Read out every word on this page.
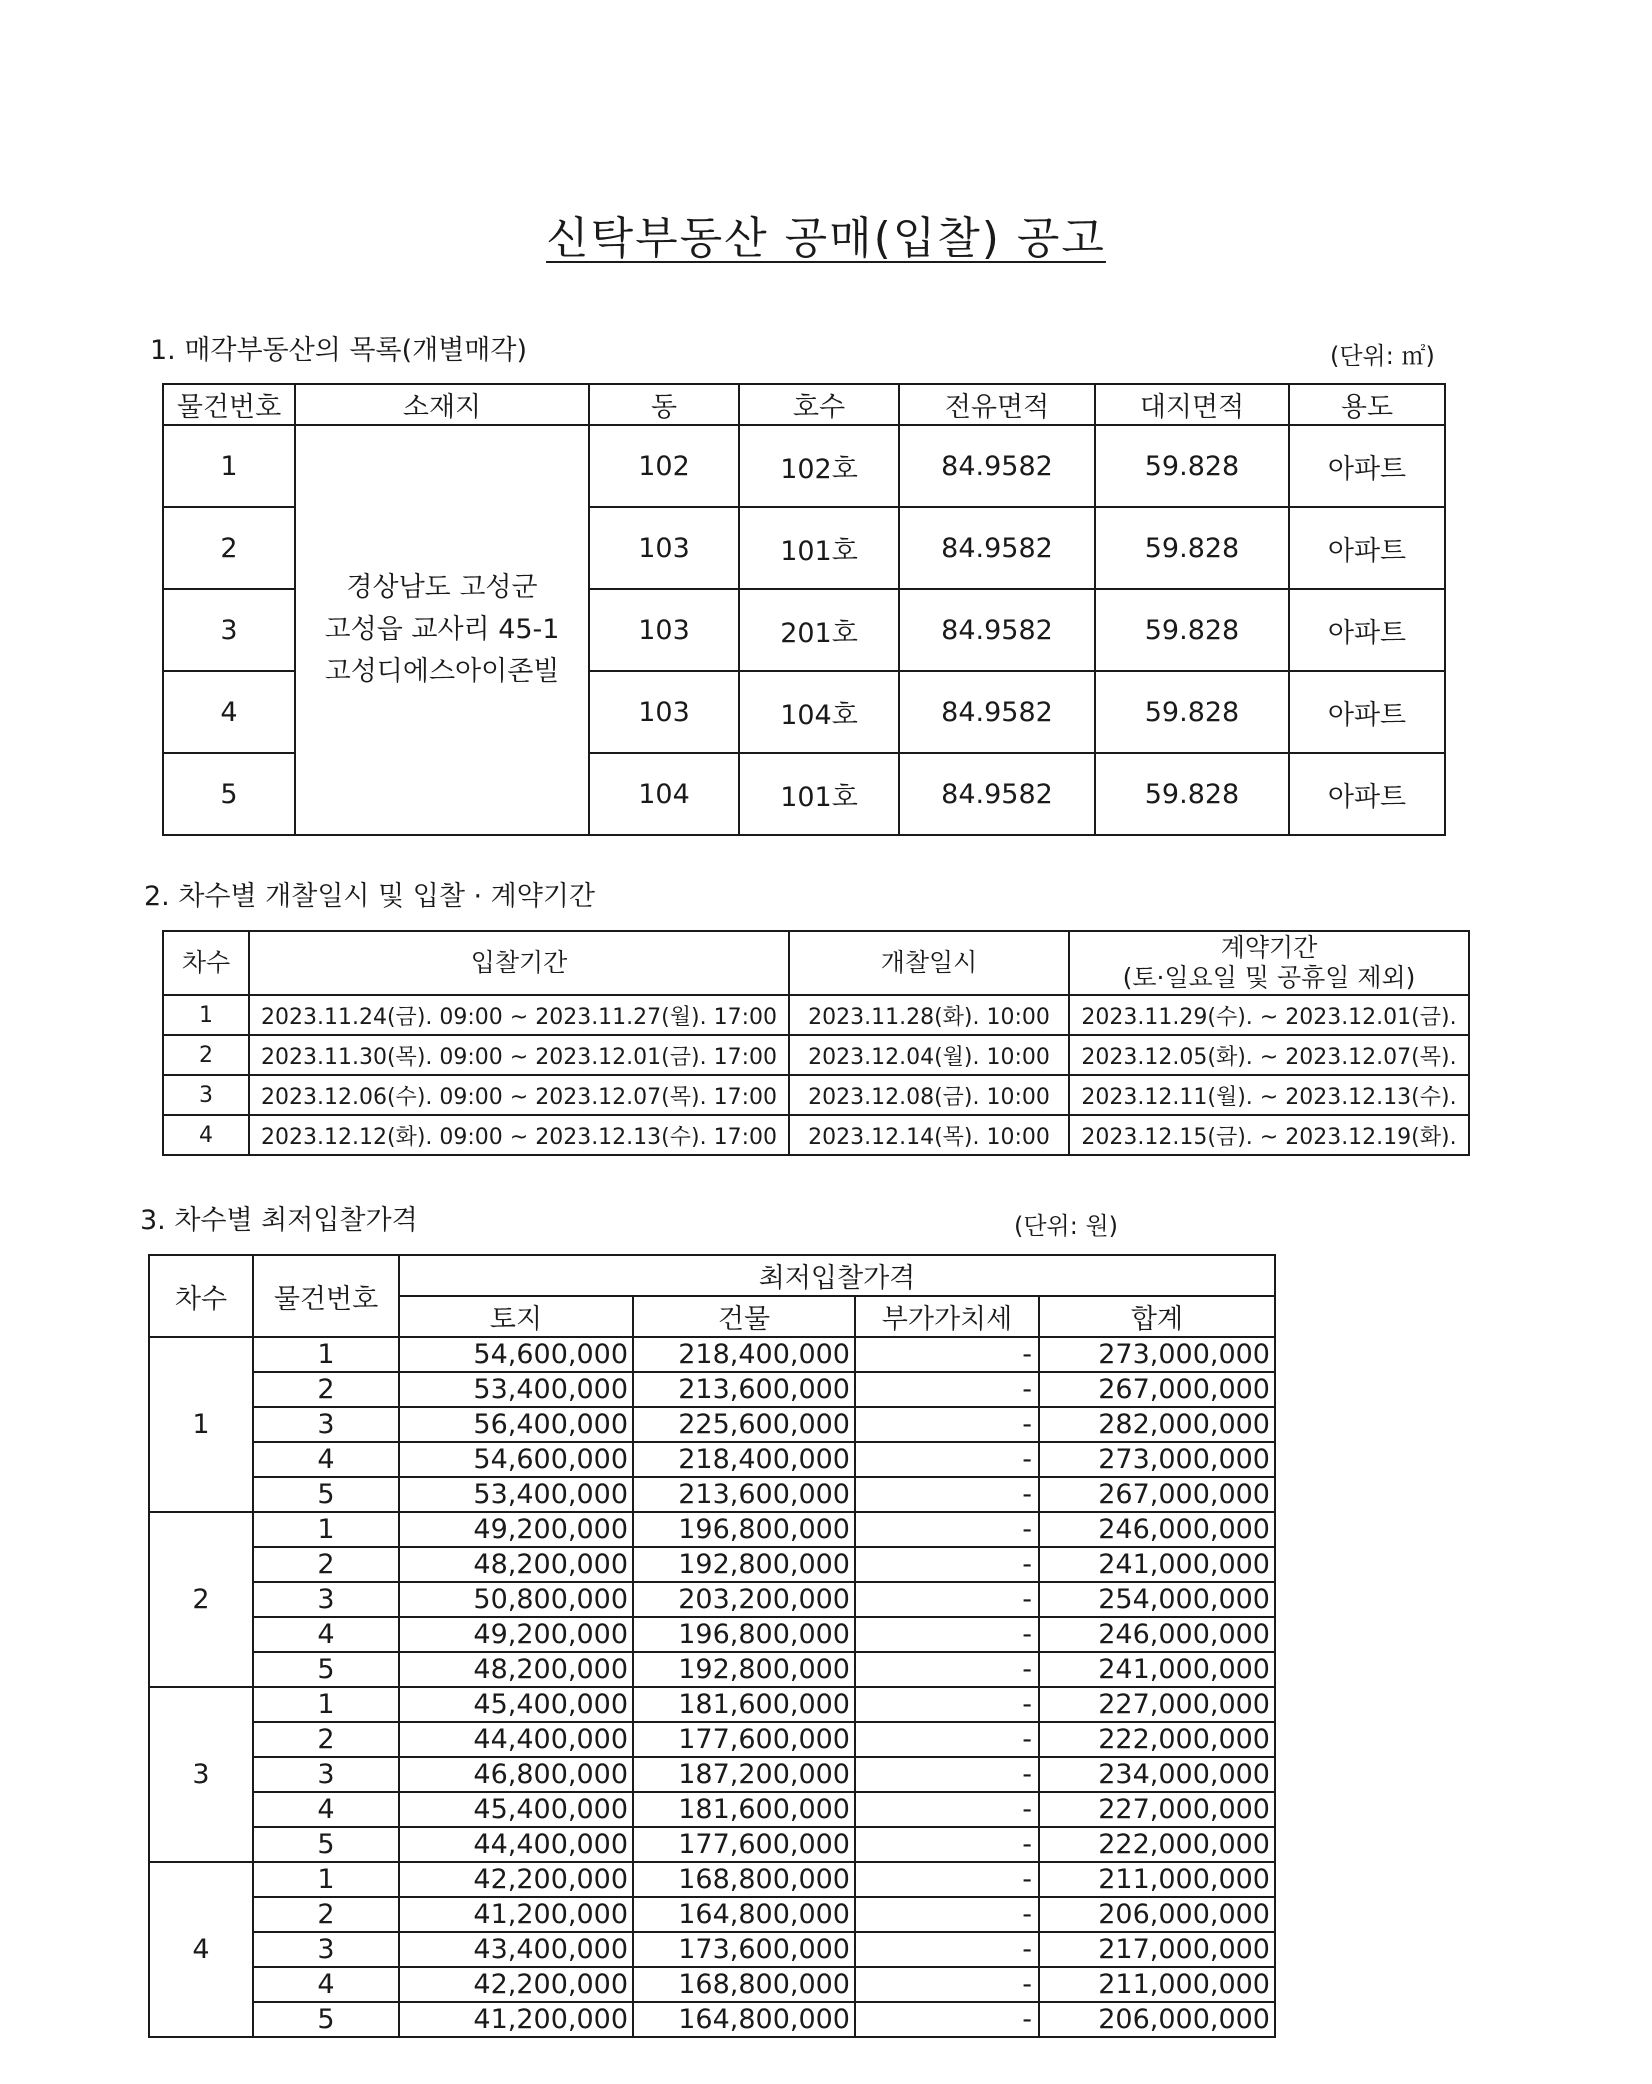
신탁부동산 공매(입찰) 공고
1. 매각부동산의 목록(개별매각)	(단위: ㎡)
물건번호	소재지	동	호수	전유면적	대지면적	용도
1	경상남도 고성군
고성읍 교사리 45-1
고성디에스아이존빌	102	102호	84.9582	59.828	아파트
2		103	101호	84.9582	59.828	아파트
3		103	201호	84.9582	59.828	아파트
4		103	104호	84.9582	59.828	아파트
5		104	101호	84.9582	59.828	아파트
2. 차수별 개찰일시 및 입찰 · 계약기간
차수	입찰기간	개찰일시	계약기간
(토·일요일 및 공휴일 제외)

1	2023.11.24(금). 09:00 ~ 2023.11.27(월). 17:00	2023.11.28(화). 10:00	2023.11.29(수). ~ 2023.12.01(금).
2	2023.11.30(목). 09:00 ~ 2023.12.01(금). 17:00	2023.12.04(월). 10:00	2023.12.05(화). ~ 2023.12.07(목).
3	2023.12.06(수). 09:00 ~ 2023.12.07(목). 17:00	2023.12.08(금). 10:00	2023.12.11(월). ~ 2023.12.13(수).
4	2023.12.12(화). 09:00 ~ 2023.12.13(수). 17:00	2023.12.14(목). 10:00	2023.12.15(금). ~ 2023.12.19(화).
3. 차수별 최저입찰가격	(단위: 원)
차수	물건번호	최저입찰가격			
		토지	건물	부가가치세	합계
1	1	54,600,000	218,400,000	-	273,000,000
	2	53,400,000	213,600,000	-	267,000,000
	3	56,400,000	225,600,000	-	282,000,000
	4	54,600,000	218,400,000	-	273,000,000
	5	53,400,000	213,600,000	-	267,000,000
2	1	49,200,000	196,800,000	-	246,000,000
	2	48,200,000	192,800,000	-	241,000,000
	3	50,800,000	203,200,000	-	254,000,000
	4	49,200,000	196,800,000	-	246,000,000
	5	48,200,000	192,800,000	-	241,000,000
3	1	45,400,000	181,600,000	-	227,000,000
	2	44,400,000	177,600,000	-	222,000,000
	3	46,800,000	187,200,000	-	234,000,000
	4	45,400,000	181,600,000	-	227,000,000
	5	44,400,000	177,600,000	-	222,000,000
4	1	42,200,000	168,800,000	-	211,000,000
	2	41,200,000	164,800,000	-	206,000,000
	3	43,400,000	173,600,000	-	217,000,000
	4	42,200,000	168,800,000	-	211,000,000
	5	41,200,000	164,800,000	-	206,000,000
